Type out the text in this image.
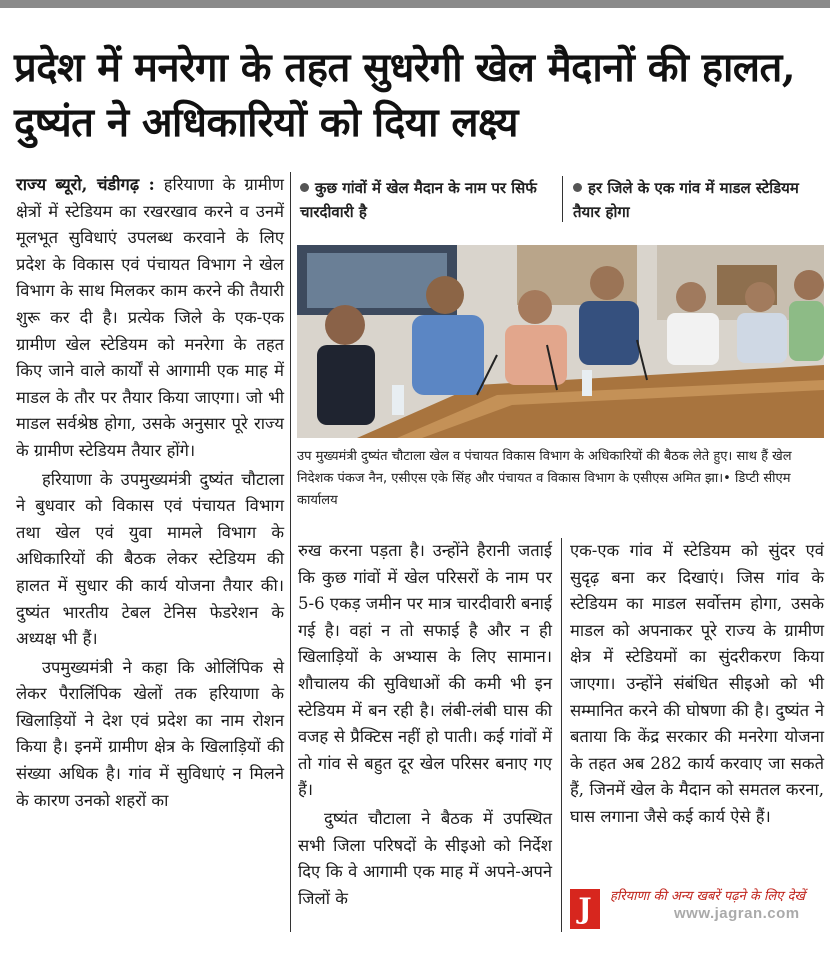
प्रदेश में मनरेगा के तहत सुधरेगी खेल मैदानों की हालत, दुष्यंत ने अधिकारियों को दिया लक्ष्य
कुछ गांवों में खेल मैदान के नाम पर सिर्फ चारदीवारी है
हर जिले के एक गांव में माडल स्टेडियम तैयार होगा

राज्य ब्यूरो, चंडीगढ़ : हरियाणा के ग्रामीण क्षेत्रों में स्टेडियम का रखरखाव करने व उनमें मूलभूत सुविधाएं उपलब्ध करवाने के लिए प्रदेश के विकास एवं पंचायत विभाग ने खेल विभाग के साथ मिलकर काम करने की तैयारी शुरू कर दी है। प्रत्येक जिले के एक-एक ग्रामीण खेल स्टेडियम को मनरेगा के तहत किए जाने वाले कार्यों से आगामी एक माह में माडल के तौर पर तैयार किया जाएगा। जो भी माडल सर्वश्रेष्ठ होगा, उसके अनुसार पूरे राज्य के ग्रामीण स्टेडियम तैयार होंगे।

हरियाणा के उपमुख्यमंत्री दुष्यंत चौटाला ने बुधवार को विकास एवं पंचायत विभाग तथा खेल एवं युवा मामले विभाग के अधिकारियों की बैठक लेकर स्टेडियम की हालत में सुधार की कार्य योजना तैयार की। दुष्यंत भारतीय टेबल टेनिस फेडरेशन के अध्यक्ष भी हैं।

उपमुख्यमंत्री ने कहा कि ओलिंपिक से लेकर पैरालिंपिक खेलों तक हरियाणा के खिलाड़ियों ने देश एवं प्रदेश का नाम रोशन किया है। इनमें ग्रामीण क्षेत्र के खिलाड़ियों की संख्या अधिक है। गांव में सुविधाएं न मिलने के कारण उनको शहरों का

उप मुख्यमंत्री दुष्यंत चौटाला खेल व पंचायत विकास विभाग के अधिकारियों की बैठक लेते हुए। साथ हैं खेल निदेशक पंकज नैन, एसीएस एके सिंह और पंचायत व विकास विभाग के एसीएस अमित झा।• डिप्टी सीएम कार्यालय

रुख करना पड़ता है। उन्होंने हैरानी जताई कि कुछ गांवों में खेल परिसरों के नाम पर 5-6 एकड़ जमीन पर मात्र चारदीवारी बनाई गई है। वहां न तो सफाई है और न ही खिलाड़ियों के अभ्यास के लिए सामान। शौचालय की सुविधाओं की कमी भी इन स्टेडियम में बन रही है। लंबी-लंबी घास की वजह से प्रैक्टिस नहीं हो पाती। कई गांवों में तो गांव से बहुत दूर खेल परिसर बनाए गए हैं।

दुष्यंत चौटाला ने बैठक में उपस्थित सभी जिला परिषदों के सीइओ को निर्देश दिए कि वे आगामी एक माह में अपने-अपने जिलों के

एक-एक गांव में स्टेडियम को सुंदर एवं सुदृढ़ बना कर दिखाएं। जिस गांव के स्टेडियम का माडल सर्वोत्तम होगा, उसके माडल को अपनाकर पूरे राज्य के ग्रामीण क्षेत्र में स्टेडियमों का सुंदरीकरण किया जाएगा। उन्होंने संबंधित सीइओ को भी सम्मानित करने की घोषणा की है। दुष्यंत ने बताया कि केंद्र सरकार की मनरेगा योजना के तहत अब 282 कार्य करवाए जा सकते हैं, जिनमें खेल के मैदान को समतल करना, घास लगाना जैसे कई कार्य ऐसे हैं।

J	हरियाणा की अन्य खबरें पढ़ने के लिए देखें
www.jagran.com
